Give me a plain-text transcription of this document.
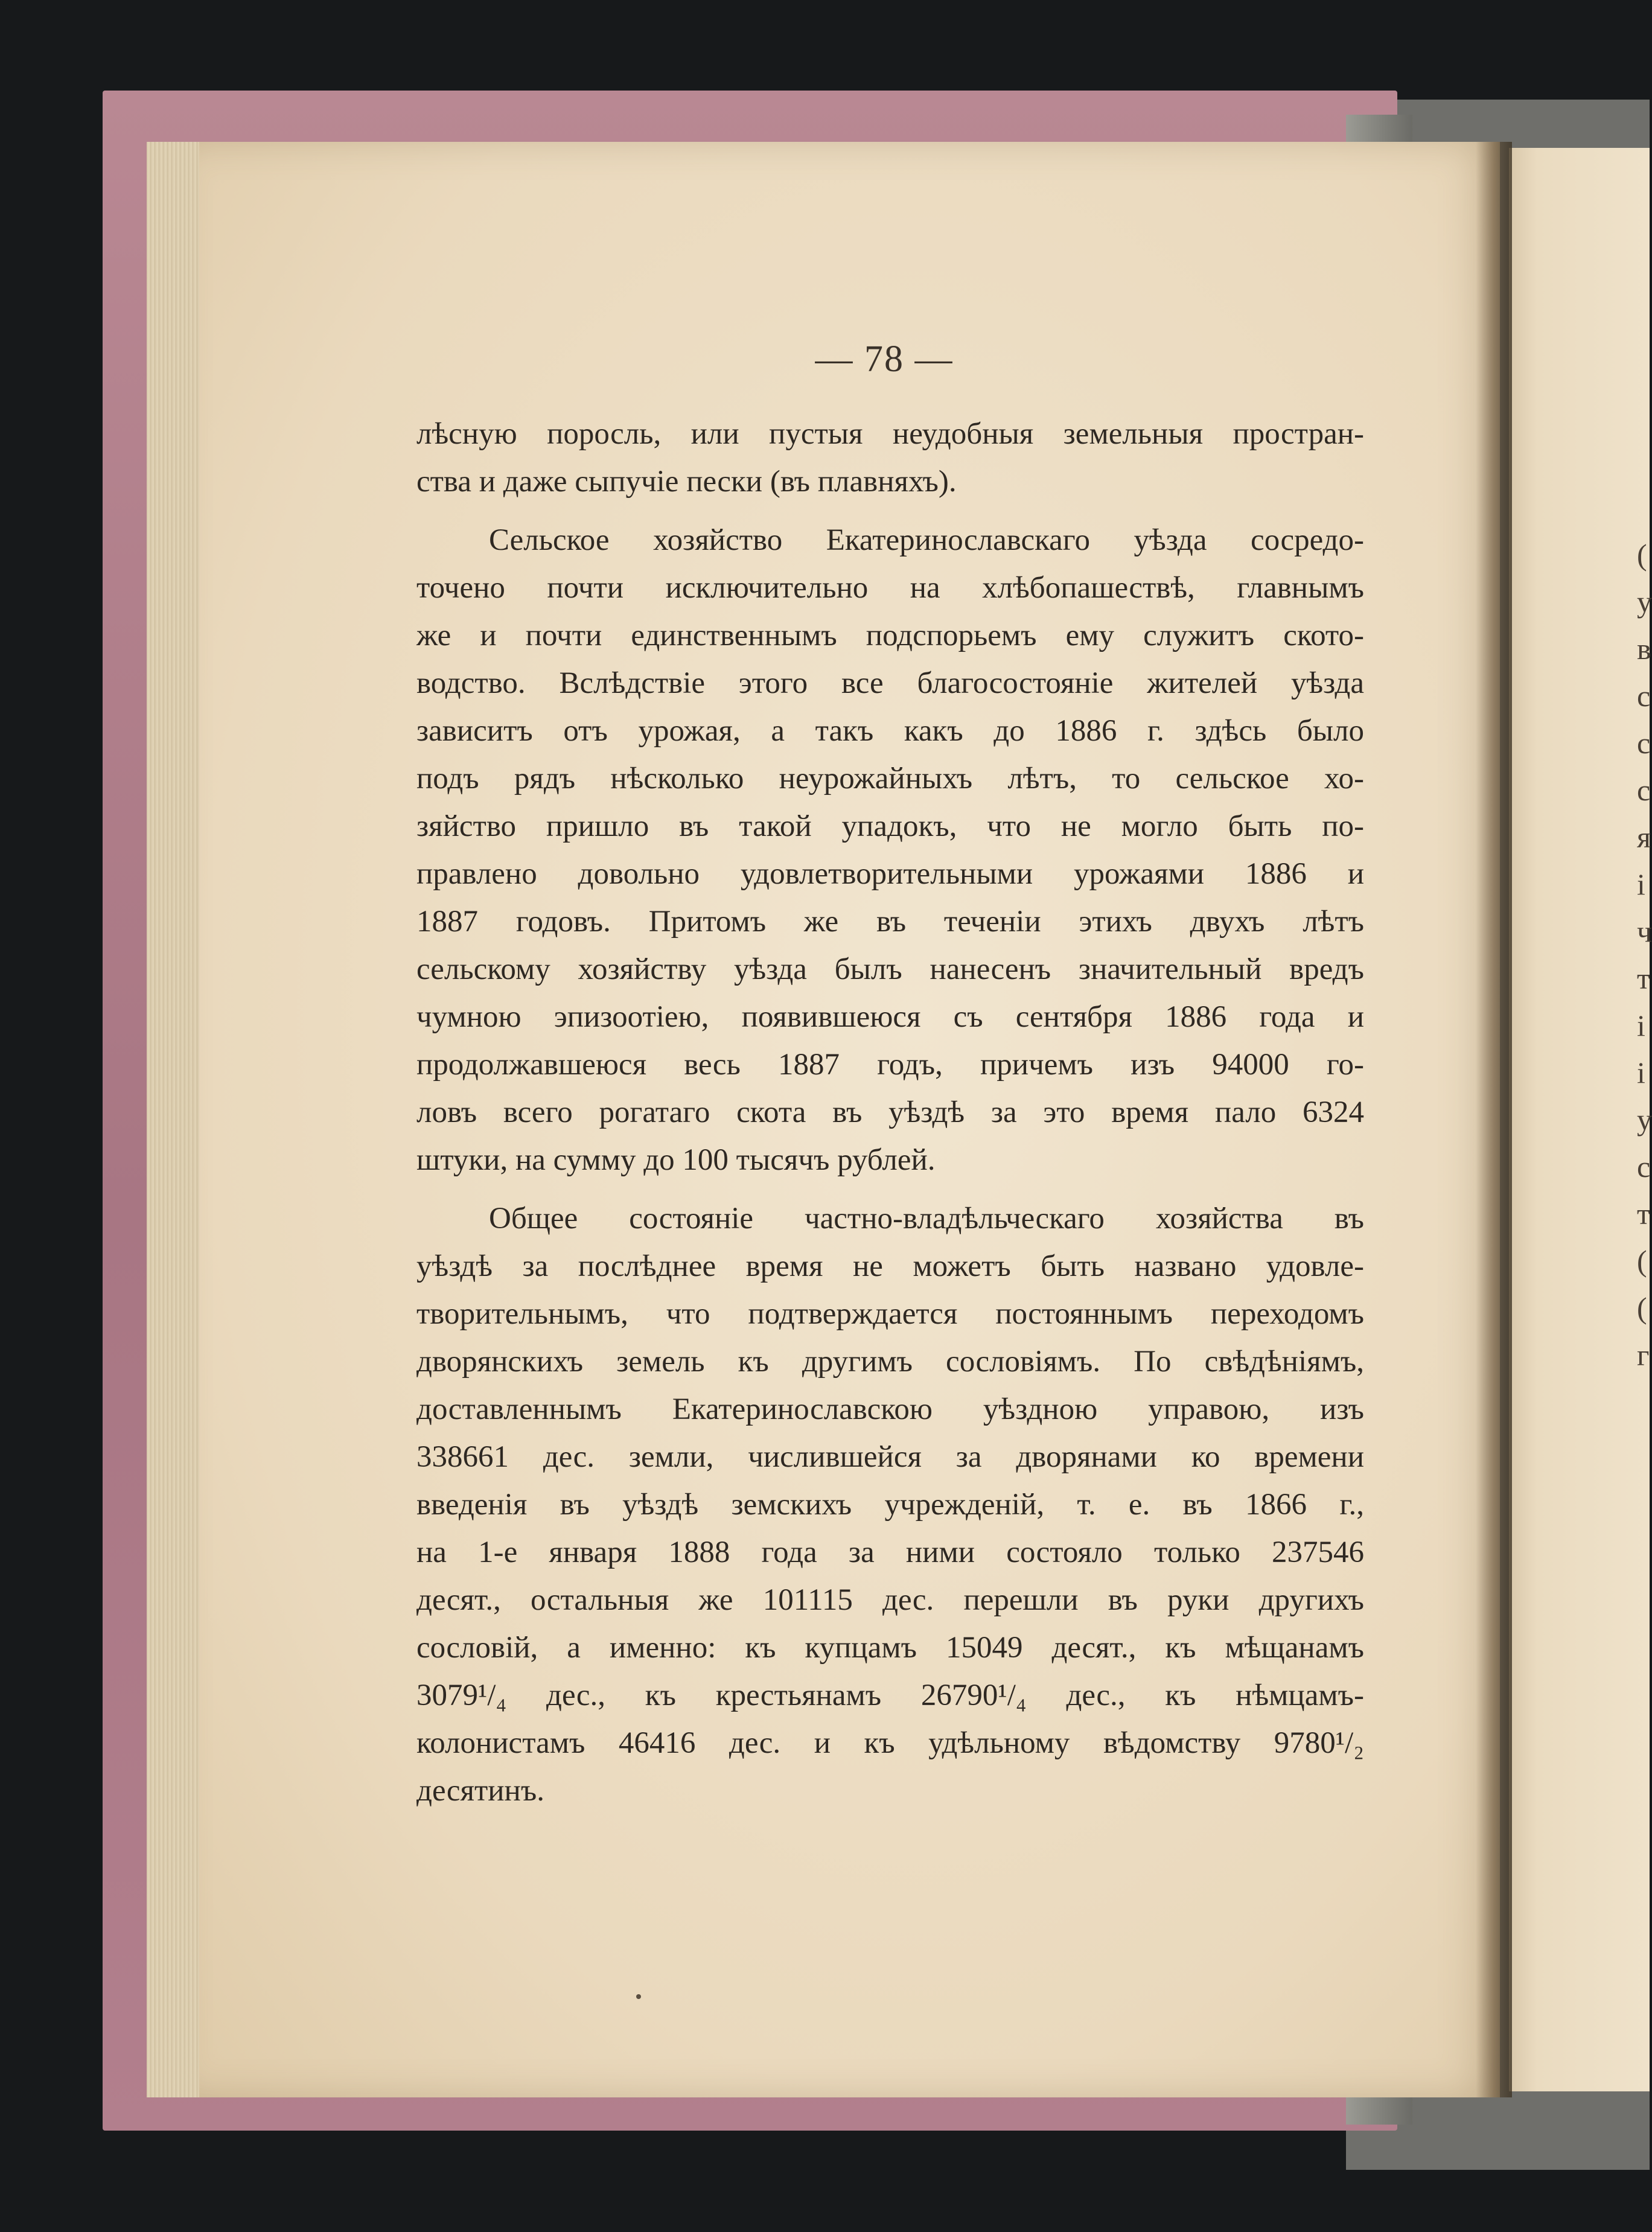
(
у
в
с
с
с
я
і
ч
т
і
і
у
с
т
(
(
г
— 78 —
лѣсную поросль, или пустыя неудобныя земельныя простран-
ства и даже сыпучіе пески (въ плавняхъ).
Сельское хозяйство Екатеринославскаго уѣзда сосредо-
точено почти исключительно на хлѣбопашествѣ, главнымъ
же и почти единственнымъ подспорьемъ ему служитъ ското-
водство. Вслѣдствіе этого все благосостояніе жителей уѣзда
зависитъ отъ урожая, а такъ какъ до 1886 г. здѣсь было
подъ рядъ нѣсколько неурожайныхъ лѣтъ, то сельское хо-
зяйство пришло въ такой упадокъ, что не могло быть по-
правлено довольно удовлетворительными урожаями 1886 и
1887 годовъ. Притомъ же въ теченіи этихъ двухъ лѣтъ
сельскому хозяйству уѣзда былъ нанесенъ значительный вредъ
чумною эпизоотіею, появившеюся съ сентября 1886 года и
продолжавшеюся весь 1887 годъ, причемъ изъ 94000 го-
ловъ всего рогатаго скота въ уѣздѣ за это время пало 6324
штуки, на сумму до 100 тысячъ рублей.
Общее состояніе частно-владѣльческаго хозяйства въ
уѣздѣ за послѣднее время не можетъ быть названо удовле-
творительнымъ, что подтверждается постояннымъ переходомъ
дворянскихъ земель къ другимъ сословіямъ. По свѣдѣніямъ,
доставленнымъ Екатеринославскою уѣздною управою, изъ
338661 дес. земли, числившейся за дворянами ко времени
введенія въ уѣздѣ земскихъ учрежденій, т. е. въ 1866 г.,
на 1-е января 1888 года за ними состояло только 237546
десят., остальныя же 101115 дес. перешли въ руки другихъ
сословій, а именно: къ купцамъ 15049 десят., къ мѣщанамъ
3079¹/₄ дес., къ крестьянамъ 26790¹/₄ дес., къ нѣмцамъ-
колонистамъ 46416 дес. и къ удѣльному вѣдомству 9780¹/₂
десятинъ.
